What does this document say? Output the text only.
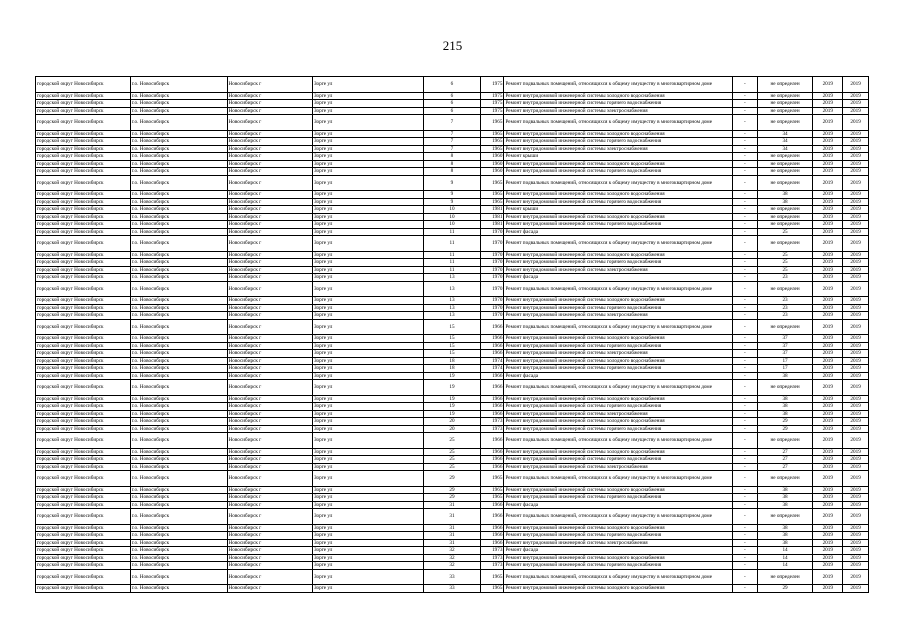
215
городской округ Новосибирск	г.о. Новосибирск	Новосибирск г	Зорге ул	6	1975	Ремонт подвальных помещений, относящихся к общему имуществу в многоквартирном доме	-	не определен	2019	2019
городской округ Новосибирск	г.о. Новосибирск	Новосибирск г	Зорге ул	6	1975	Ремонт внутридомовой инженерной системы холодного водоснабжения	-	не определен	2019	2019
городской округ Новосибирск	г.о. Новосибирск	Новосибирск г	Зорге ул	6	1975	Ремонт внутридомовой инженерной системы горячего водоснабжения	-	не определен	2019	2019
городской округ Новосибирск	г.о. Новосибирск	Новосибирск г	Зорге ул	6	1975	Ремонт внутридомовой инженерной системы электроснабжения	-	не определен	2019	2019
городской округ Новосибирск	г.о. Новосибирск	Новосибирск г	Зорге ул	7	1965	Ремонт подвальных помещений, относящихся к общему имуществу в многоквартирном доме	-	не определен	2019	2019
городской округ Новосибирск	г.о. Новосибирск	Новосибирск г	Зорге ул	7	1965	Ремонт внутридомовой инженерной системы холодного водоснабжения	-	34	2019	2019
городской округ Новосибирск	г.о. Новосибирск	Новосибирск г	Зорге ул	7	1965	Ремонт внутридомовой инженерной системы горячего водоснабжения	-	34	2019	2019
городской округ Новосибирск	г.о. Новосибирск	Новосибирск г	Зорге ул	7	1965	Ремонт внутридомовой инженерной системы электроснабжения	-	34	2019	2019
городской округ Новосибирск	г.о. Новосибирск	Новосибирск г	Зорге ул	8	1960	Ремонт крыши	-	не определен	2019	2019
городской округ Новосибирск	г.о. Новосибирск	Новосибирск г	Зорге ул	8	1960	Ремонт внутридомовой инженерной системы холодного водоснабжения	-	не определен	2019	2019
городской округ Новосибирск	г.о. Новосибирск	Новосибирск г	Зорге ул	8	1960	Ремонт внутридомовой инженерной системы горячего водоснабжения	-	не определен	2019	2019
городской округ Новосибирск	г.о. Новосибирск	Новосибирск г	Зорге ул	9	1965	Ремонт подвальных помещений, относящихся к общему имуществу в многоквартирном доме	-	не определен	2019	2019
городской округ Новосибирск	г.о. Новосибирск	Новосибирск г	Зорге ул	9	1965	Ремонт внутридомовой инженерной системы холодного водоснабжения	-	38	2019	2019
городской округ Новосибирск	г.о. Новосибирск	Новосибирск г	Зорге ул	9	1965	Ремонт внутридомовой инженерной системы горячего водоснабжения	-	38	2019	2019
городской округ Новосибирск	г.о. Новосибирск	Новосибирск г	Зорге ул	10	1981	Ремонт крыши	-	не определен	2019	2019
городской округ Новосибирск	г.о. Новосибирск	Новосибирск г	Зорге ул	10	1981	Ремонт внутридомовой инженерной системы холодного водоснабжения	-	не определен	2019	2019
городской округ Новосибирск	г.о. Новосибирск	Новосибирск г	Зорге ул	10	1981	Ремонт внутридомовой инженерной системы горячего водоснабжения	-	не определен	2019	2019
городской округ Новосибирск	г.о. Новосибирск	Новосибирск г	Зорге ул	11	1970	Ремонт фасада	-	25	2019	2019
городской округ Новосибирск	г.о. Новосибирск	Новосибирск г	Зорге ул	11	1970	Ремонт подвальных помещений, относящихся к общему имуществу в многоквартирном доме	-	не определен	2019	2019
городской округ Новосибирск	г.о. Новосибирск	Новосибирск г	Зорге ул	11	1970	Ремонт внутридомовой инженерной системы холодного водоснабжения	-	25	2019	2019
городской округ Новосибирск	г.о. Новосибирск	Новосибирск г	Зорге ул	11	1970	Ремонт внутридомовой инженерной системы горячего водоснабжения	-	25	2019	2019
городской округ Новосибирск	г.о. Новосибирск	Новосибирск г	Зорге ул	11	1970	Ремонт внутридомовой инженерной системы электроснабжения	-	25	2019	2019
городской округ Новосибирск	г.о. Новосибирск	Новосибирск г	Зорге ул	13	1970	Ремонт фасада	-	23	2019	2019
городской округ Новосибирск	г.о. Новосибирск	Новосибирск г	Зорге ул	13	1970	Ремонт подвальных помещений, относящихся к общему имуществу в многоквартирном доме	-	не определен	2019	2019
городской округ Новосибирск	г.о. Новосибирск	Новосибирск г	Зорге ул	13	1970	Ремонт внутридомовой инженерной системы холодного водоснабжения	-	23	2019	2019
городской округ Новосибирск	г.о. Новосибирск	Новосибирск г	Зорге ул	13	1970	Ремонт внутридомовой инженерной системы горячего водоснабжения	-	23	2019	2019
городской округ Новосибирск	г.о. Новосибирск	Новосибирск г	Зорге ул	13	1970	Ремонт внутридомовой инженерной системы электроснабжения	-	23	2019	2019
городской округ Новосибирск	г.о. Новосибирск	Новосибирск г	Зорге ул	15	1966	Ремонт подвальных помещений, относящихся к общему имуществу в многоквартирном доме	-	не определен	2019	2019
городской округ Новосибирск	г.о. Новосибирск	Новосибирск г	Зорге ул	15	1966	Ремонт внутридомовой инженерной системы холодного водоснабжения	-	37	2019	2019
городской округ Новосибирск	г.о. Новосибирск	Новосибирск г	Зорге ул	15	1966	Ремонт внутридомовой инженерной системы горячего водоснабжения	-	37	2019	2019
городской округ Новосибирск	г.о. Новосибирск	Новосибирск г	Зорге ул	15	1966	Ремонт внутридомовой инженерной системы электроснабжения	-	37	2019	2019
городской округ Новосибирск	г.о. Новосибирск	Новосибирск г	Зорге ул	18	1974	Ремонт внутридомовой инженерной системы холодного водоснабжения	-	17	2019	2019
городской округ Новосибирск	г.о. Новосибирск	Новосибирск г	Зорге ул	18	1974	Ремонт внутридомовой инженерной системы горячего водоснабжения	-	17	2019	2019
городской округ Новосибирск	г.о. Новосибирск	Новосибирск г	Зорге ул	19	1966	Ремонт фасада	-	38	2019	2019
городской округ Новосибирск	г.о. Новосибирск	Новосибирск г	Зорге ул	19	1966	Ремонт подвальных помещений, относящихся к общему имуществу в многоквартирном доме	-	не определен	2019	2019
городской округ Новосибирск	г.о. Новосибирск	Новосибирск г	Зорге ул	19	1966	Ремонт внутридомовой инженерной системы холодного водоснабжения	-	38	2019	2019
городской округ Новосибирск	г.о. Новосибирск	Новосибирск г	Зорге ул	19	1966	Ремонт внутридомовой инженерной системы горячего водоснабжения	-	38	2019	2019
городской округ Новосибирск	г.о. Новосибирск	Новосибирск г	Зорге ул	19	1966	Ремонт внутридомовой инженерной системы электроснабжения	-	38	2019	2019
городской округ Новосибирск	г.о. Новосибирск	Новосибирск г	Зорге ул	20	1973	Ремонт внутридомовой инженерной системы холодного водоснабжения	-	29	2019	2019
городской округ Новосибирск	г.о. Новосибирск	Новосибирск г	Зорге ул	20	1973	Ремонт внутридомовой инженерной системы горячего водоснабжения	-	29	2019	2019
городской округ Новосибирск	г.о. Новосибирск	Новосибирск г	Зорге ул	25	1966	Ремонт подвальных помещений, относящихся к общему имуществу в многоквартирном доме	-	не определен	2019	2019
городской округ Новосибирск	г.о. Новосибирск	Новосибирск г	Зорге ул	25	1966	Ремонт внутридомовой инженерной системы холодного водоснабжения	-	27	2019	2019
городской округ Новосибирск	г.о. Новосибирск	Новосибирск г	Зорге ул	25	1966	Ремонт внутридомовой инженерной системы горячего водоснабжения	-	27	2019	2019
городской округ Новосибирск	г.о. Новосибирск	Новосибирск г	Зорге ул	25	1966	Ремонт внутридомовой инженерной системы электроснабжения	-	27	2019	2019
городской округ Новосибирск	г.о. Новосибирск	Новосибирск г	Зорге ул	29	1965	Ремонт подвальных помещений, относящихся к общему имуществу в многоквартирном доме	-	не определен	2019	2019
городской округ Новосибирск	г.о. Новосибирск	Новосибирск г	Зорге ул	29	1965	Ремонт внутридомовой инженерной системы холодного водоснабжения	-	38	2019	2019
городской округ Новосибирск	г.о. Новосибирск	Новосибирск г	Зорге ул	29	1965	Ремонт внутридомовой инженерной системы горячего водоснабжения	-	38	2019	2019
городской округ Новосибирск	г.о. Новосибирск	Новосибирск г	Зорге ул	31	1966	Ремонт фасада	-	38	2019	2019
городской округ Новосибирск	г.о. Новосибирск	Новосибирск г	Зорге ул	31	1966	Ремонт подвальных помещений, относящихся к общему имуществу в многоквартирном доме	-	не определен	2019	2019
городской округ Новосибирск	г.о. Новосибирск	Новосибирск г	Зорге ул	31	1966	Ремонт внутридомовой инженерной системы холодного водоснабжения	-	38	2019	2019
городской округ Новосибирск	г.о. Новосибирск	Новосибирск г	Зорге ул	31	1966	Ремонт внутридомовой инженерной системы горячего водоснабжения	-	38	2019	2019
городской округ Новосибирск	г.о. Новосибирск	Новосибирск г	Зорге ул	31	1966	Ремонт внутридомовой инженерной системы электроснабжения	-	38	2019	2019
городской округ Новосибирск	г.о. Новосибирск	Новосибирск г	Зорге ул	32	1973	Ремонт фасада	-	14	2019	2019
городской округ Новосибирск	г.о. Новосибирск	Новосибирск г	Зорге ул	32	1973	Ремонт внутридомовой инженерной системы холодного водоснабжения	-	14	2019	2019
городской округ Новосибирск	г.о. Новосибирск	Новосибирск г	Зорге ул	32	1973	Ремонт внутридомовой инженерной системы горячего водоснабжения	-	14	2019	2019
городской округ Новосибирск	г.о. Новосибирск	Новосибирск г	Зорге ул	33	1965	Ремонт подвальных помещений, относящихся к общему имуществу в многоквартирном доме	-	не определен	2019	2019
городской округ Новосибирск	г.о. Новосибирск	Новосибирск г	Зорге ул	33	1965	Ремонт внутридомовой инженерной системы холодного водоснабжения	-	29	2019	2019
